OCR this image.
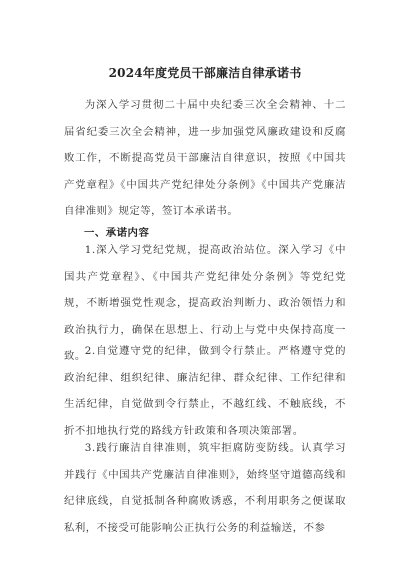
2024年度党员干部廉洁自律承诺书
为深入学习贯彻二十届中央纪委三次全会精神、十二届省纪委三次全会精神，进一步加强党风廉政建设和反腐败工作，不断提高党员干部廉洁自律意识，按照《中国共产党章程》《中国共产党纪律处分条例》《中国共产党廉洁自律准则》规定等，签订本承诺书。
一、承诺内容
1.深入学习党纪党规，提高政治站位。深入学习《中国共产党章程》、《中国共产党纪律处分条例》等党纪党规，不断增强党性观念，提高政治判断力、政治领悟力和政治执行力，确保在思想上、行动上与党中央保持高度一致。 2.自觉遵守党的纪律，做到令行禁止。严格遵守党的政治纪律、组织纪律、廉洁纪律、群众纪律、工作纪律和生活纪律，自觉做到令行禁止，不越红线、不触底线，不折不扣地执行党的路线方针政策和各项决策部署。
3.践行廉洁自律准则，筑牢拒腐防变防线。认真学习并践行《中国共产党廉洁自律准则》，始终坚守道德高线和纪律底线，自觉抵制各种腐败诱惑，不利用职务之便谋取私利，不接受可能影响公正执行公务的利益输送，不参
